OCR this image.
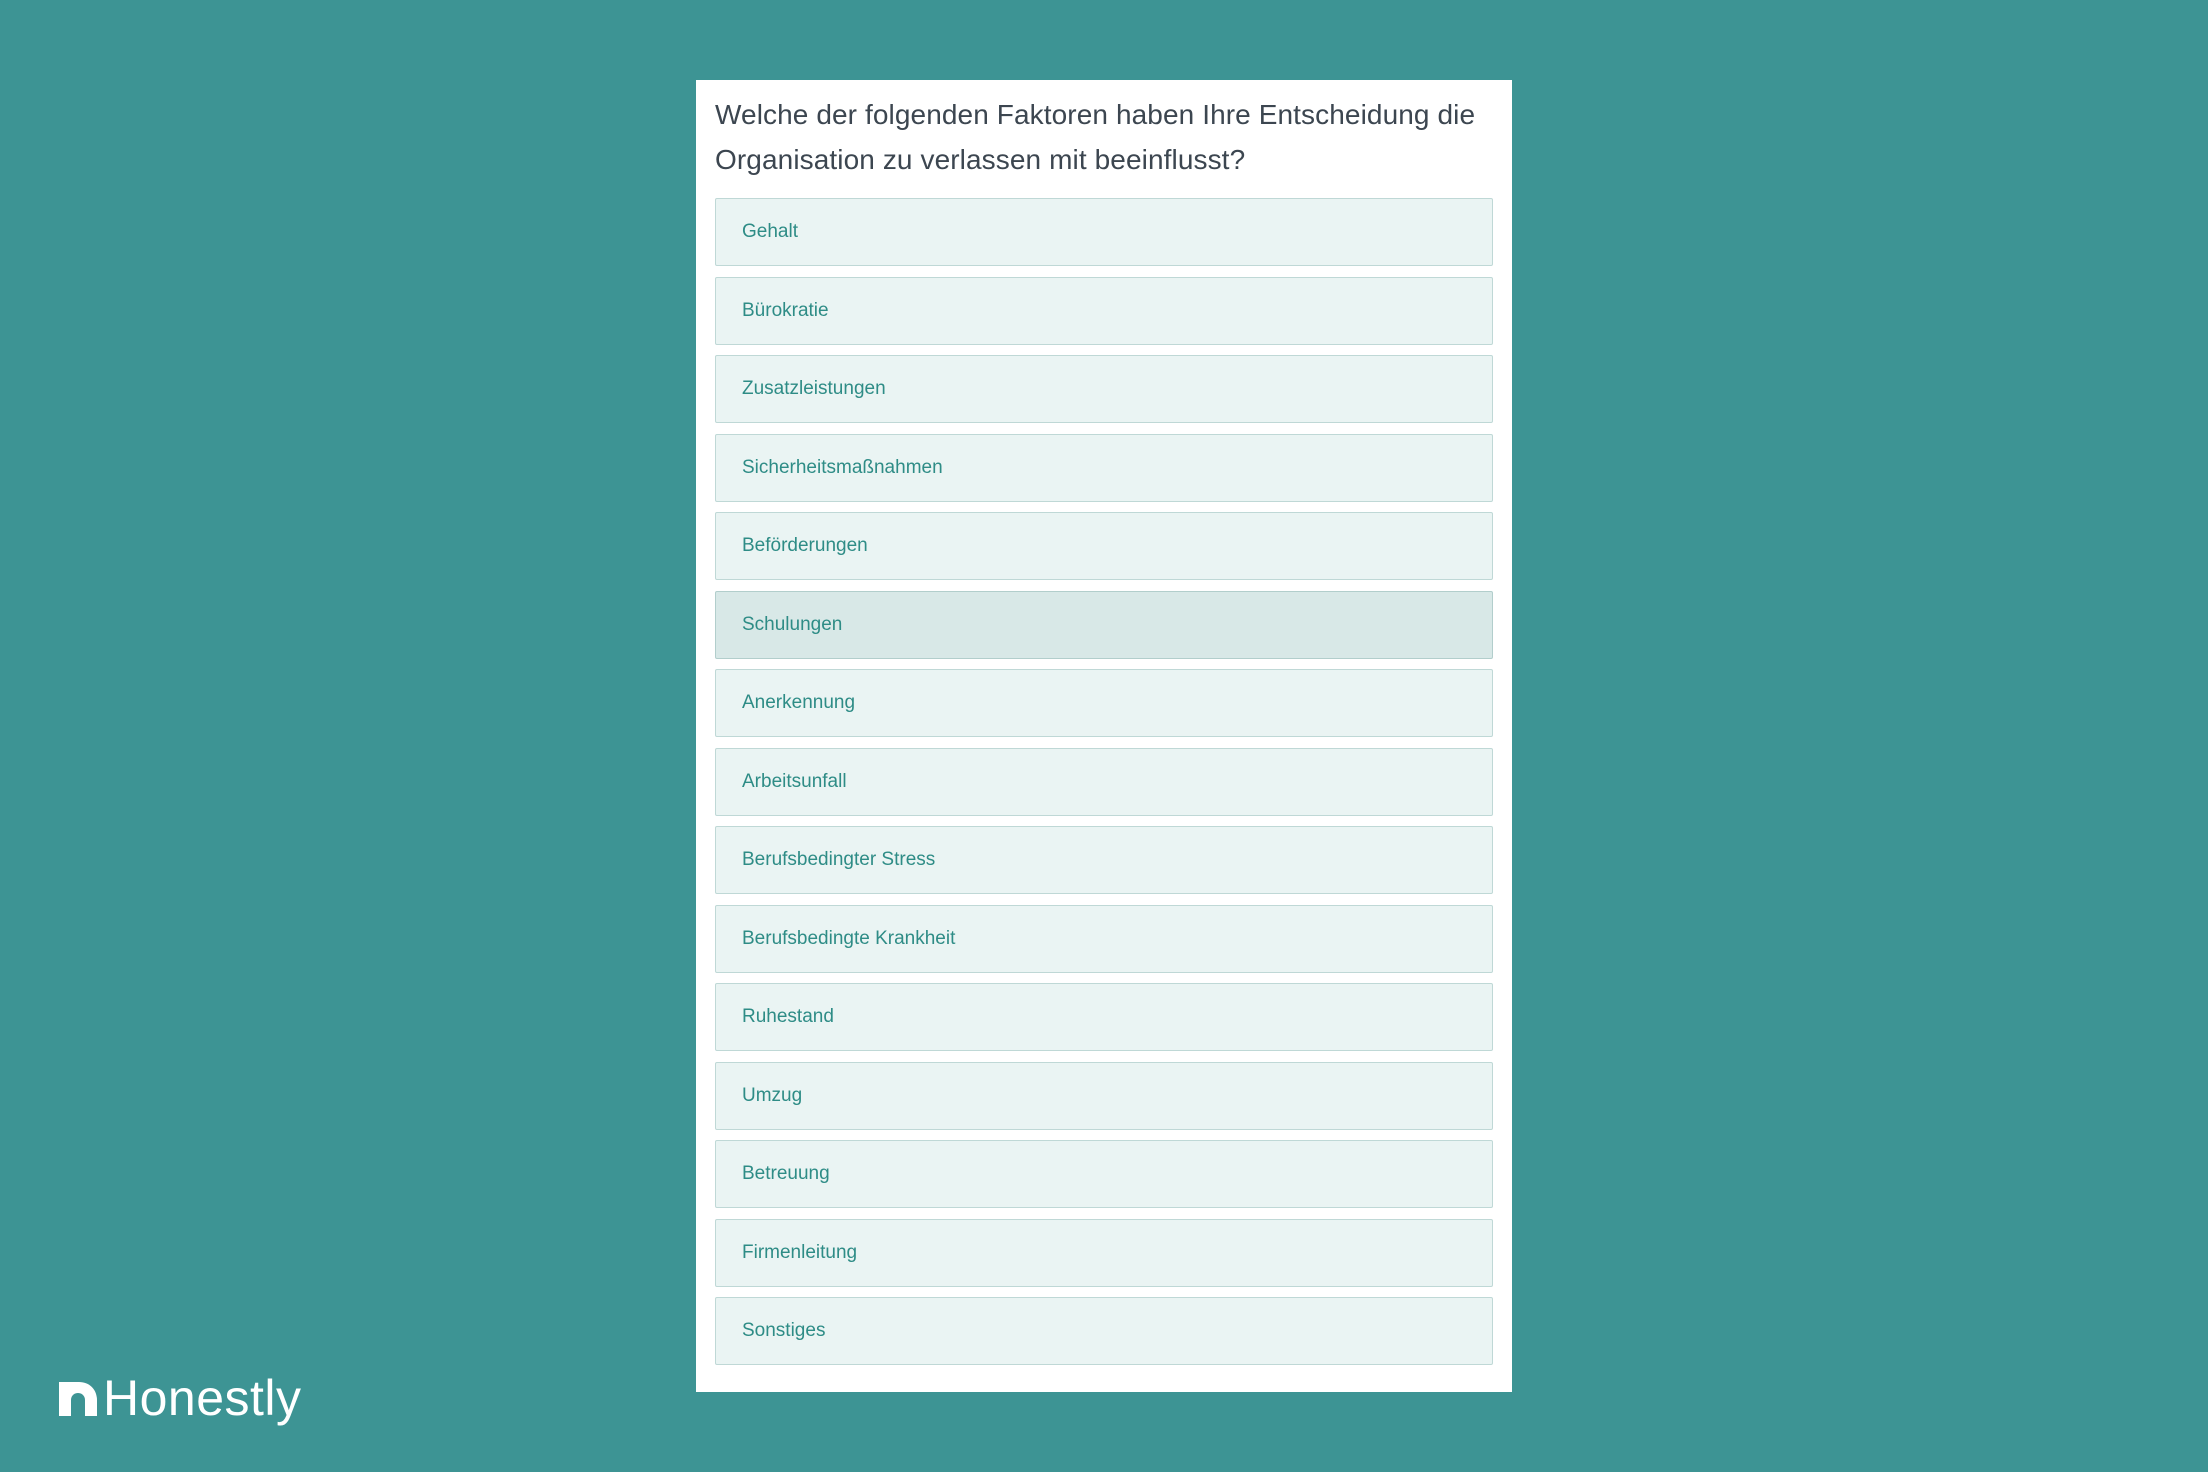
Welche der folgenden Faktoren haben Ihre Entscheidung die
Organisation zu verlassen mit beeinflusst?
Gehalt
Bürokratie
Zusatzleistungen
Sicherheitsmaßnahmen
Beförderungen
Schulungen
Anerkennung
Arbeitsunfall
Berufsbedingter Stress
Berufsbedingte Krankheit
Ruhestand
Umzug
Betreuung
Firmenleitung
Sonstiges
Honestly
